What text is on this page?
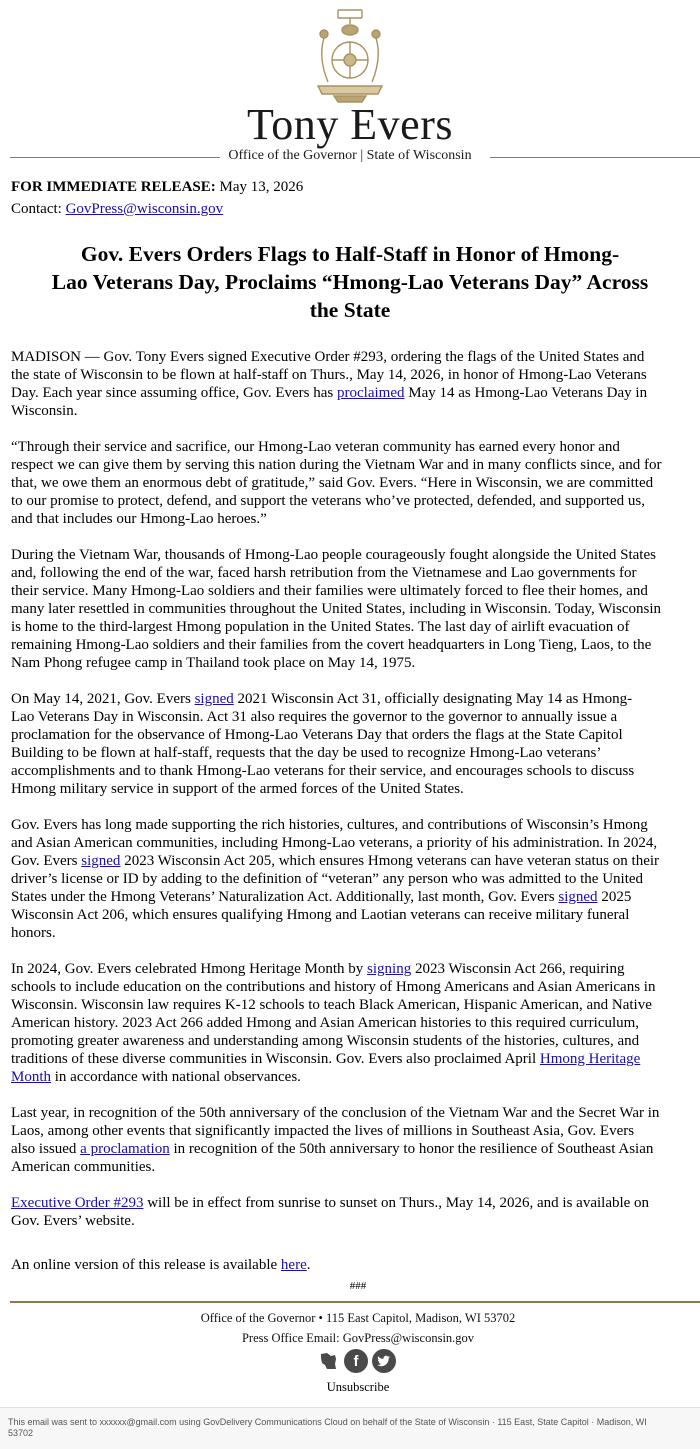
Tony Evers
Office of the Governor | State of Wisconsin
FOR IMMEDIATE RELEASE: May 13, 2026
Contact: GovPress@wisconsin.gov
Gov. Evers Orders Flags to Half-Staff in Honor of Hmong-
Lao Veterans Day, Proclaims “Hmong-Lao Veterans Day” Across
the State

MADISON — Gov. Tony Evers signed Executive Order #293, ordering the flags of the United States and
the state of Wisconsin to be flown at half-staff on Thurs., May 14, 2026, in honor of Hmong-Lao Veterans
Day. Each year since assuming office, Gov. Evers has proclaimed May 14 as Hmong-Lao Veterans Day in
Wisconsin.

“Through their service and sacrifice, our Hmong-Lao veteran community has earned every honor and
respect we can give them by serving this nation during the Vietnam War and in many conflicts since, and for
that, we owe them an enormous debt of gratitude,” said Gov. Evers. “Here in Wisconsin, we are committed
to our promise to protect, defend, and support the veterans who’ve protected, defended, and supported us,
and that includes our Hmong-Lao heroes.”

During the Vietnam War, thousands of Hmong-Lao people courageously fought alongside the United States
and, following the end of the war, faced harsh retribution from the Vietnamese and Lao governments for
their service. Many Hmong-Lao soldiers and their families were ultimately forced to flee their homes, and
many later resettled in communities throughout the United States, including in Wisconsin. Today, Wisconsin
is home to the third-largest Hmong population in the United States. The last day of airlift evacuation of
remaining Hmong-Lao soldiers and their families from the covert headquarters in Long Tieng, Laos, to the
Nam Phong refugee camp in Thailand took place on May 14, 1975.

On May 14, 2021, Gov. Evers signed 2021 Wisconsin Act 31, officially designating May 14 as Hmong-
Lao Veterans Day in Wisconsin. Act 31 also requires the governor to the governor to annually issue a
proclamation for the observance of Hmong-Lao Veterans Day that orders the flags at the State Capitol
Building to be flown at half-staff, requests that the day be used to recognize Hmong-Lao veterans’
accomplishments and to thank Hmong-Lao veterans for their service, and encourages schools to discuss
Hmong military service in support of the armed forces of the United States.

Gov. Evers has long made supporting the rich histories, cultures, and contributions of Wisconsin’s Hmong
and Asian American communities, including Hmong-Lao veterans, a priority of his administration. In 2024,
Gov. Evers signed 2023 Wisconsin Act 205, which ensures Hmong veterans can have veteran status on their
driver’s license or ID by adding to the definition of “veteran” any person who was admitted to the United
States under the Hmong Veterans’ Naturalization Act. Additionally, last month, Gov. Evers signed 2025
Wisconsin Act 206, which ensures qualifying Hmong and Laotian veterans can receive military funeral
honors.

In 2024, Gov. Evers celebrated Hmong Heritage Month by signing 2023 Wisconsin Act 266, requiring
schools to include education on the contributions and history of Hmong Americans and Asian Americans in
Wisconsin. Wisconsin law requires K-12 schools to teach Black American, Hispanic American, and Native
American history. 2023 Act 266 added Hmong and Asian American histories to this required curriculum,
promoting greater awareness and understanding among Wisconsin students of the histories, cultures, and
traditions of these diverse communities in Wisconsin. Gov. Evers also proclaimed April Hmong Heritage
Month in accordance with national observances.

Last year, in recognition of the 50th anniversary of the conclusion of the Vietnam War and the Secret War in
Laos, among other events that significantly impacted the lives of millions in Southeast Asia, Gov. Evers
also issued a proclamation in recognition of the 50th anniversary to honor the resilience of Southeast Asian
American communities.

Executive Order #293 will be in effect from sunrise to sunset on Thurs., May 14, 2026, and is available on
Gov. Evers’ website.

An online version of this release is available here.
###
Office of the Governor • 115 East Capitol, Madison, WI 53702
Press Office Email: GovPress@wisconsin.gov
f
Unsubscribe
This email was sent to xxxxxx@gmail.com using GovDelivery Communications Cloud on behalf of the State of Wisconsin · 115 East, State Capitol · Madison, WI 53702
